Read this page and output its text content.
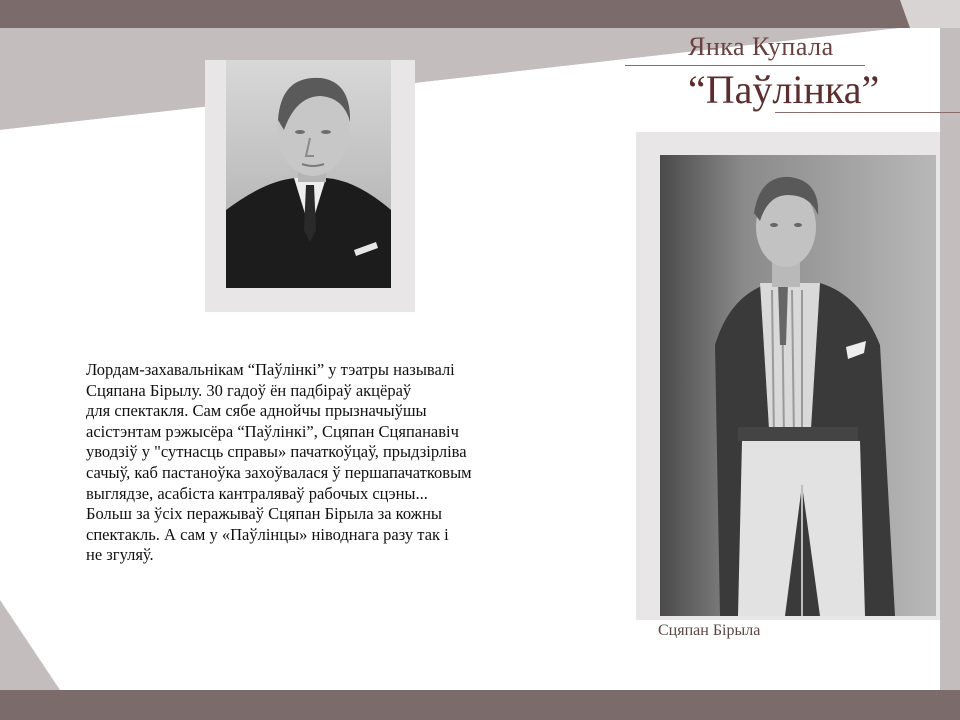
Янка Купала
“Паўлінка”
Сцяпан Бірыла
Лордам-захавальнікам “Паўлінкі” у тэатры называлі
Сцяпана Бірылу. 30 гадоў ён падбіраў акцёраў
для спектакля. Сам сябе аднойчы прызначыўшы
асістэнтам рэжысёра “Паўлінкі”, Сцяпан Сцяпанавіч
уводзіў у "сутнасць справы» пачаткоўцаў, прыдзірліва
сачыў, каб пастаноўка захоўвалася ў першапачатковым
выглядзе, асабіста кантраляваў рабочых сцэны...
Больш за ўсіх перажываў Сцяпан Бірыла за кожны
спектакль. А сам у «Паўлінцы» ніводнага разу так і
не згуляў.
